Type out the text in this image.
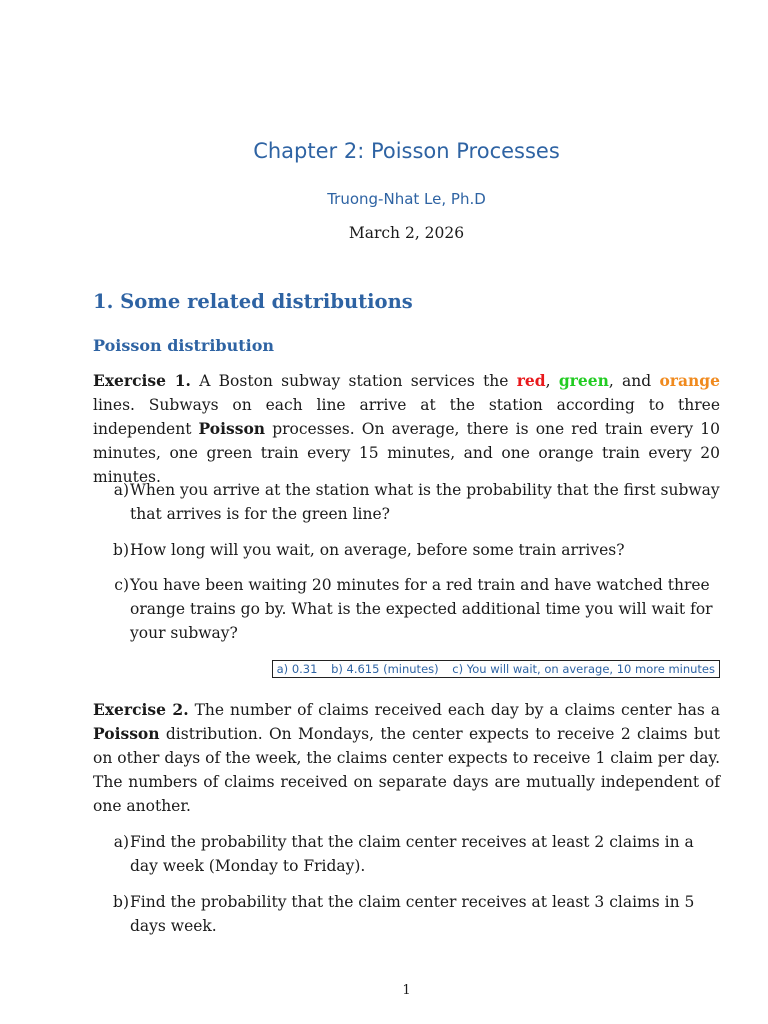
Chapter 2: Poisson Processes
Truong-Nhat Le, Ph.D
March 2, 2026
1. Some related distributions
Poisson distribution
Exercise 1. A Boston subway station services the red, green, and orange lines. Subways on each line arrive at the station according to three independent Poisson processes. On average, there is one red train every 10 minutes, one green train every 15 minutes, and one orange train every 20 minutes.
a) When you arrive at the station what is the probability that the first subway that arrives is for the green line?
b) How long will you wait, on average, before some train arrives?
c) You have been waiting 20 minutes for a red train and have watched three orange trains go by. What is the expected additional time you will wait for your subway?
a) 0.31 b) 4.615 (minutes) c) You will wait, on average, 10 more minutes
Exercise 2. The number of claims received each day by a claims center has a Poisson distribution. On Mondays, the center expects to receive 2 claims but on other days of the week, the claims center expects to receive 1 claim per day. The numbers of claims received on separate days are mutually independent of one another.
a) Find the probability that the claim center receives at least 2 claims in a day week (Monday to Friday).
b) Find the probability that the claim center receives at least 3 claims in 5 days week.
1
